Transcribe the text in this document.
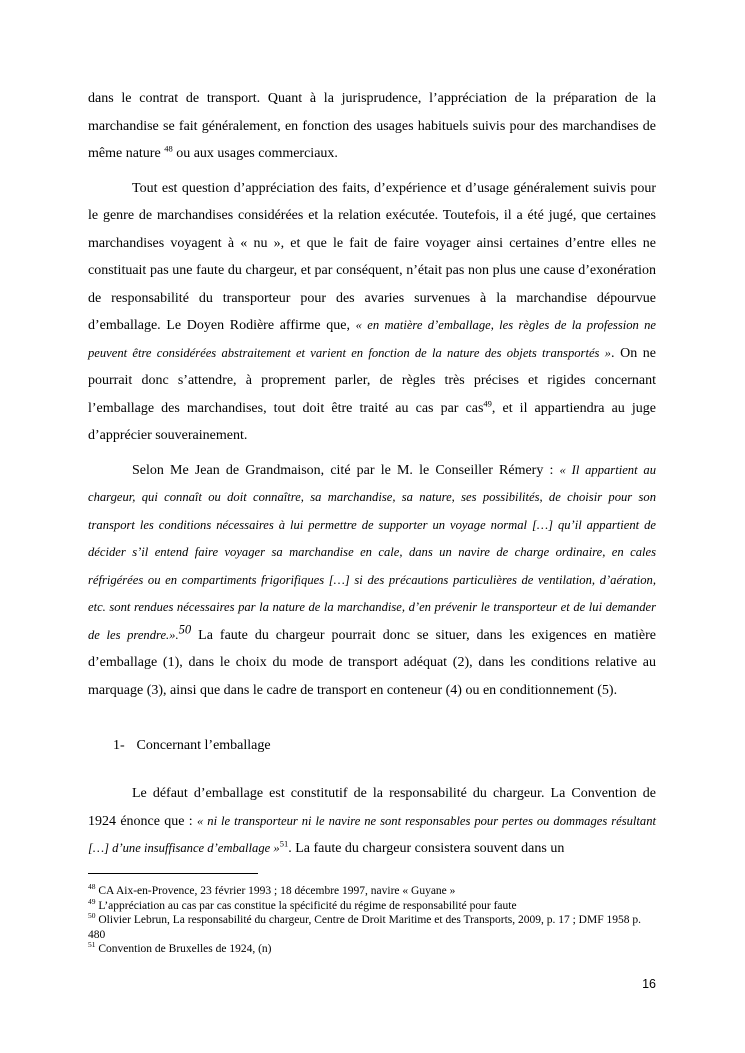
dans le contrat de transport. Quant à la jurisprudence, l’appréciation de la préparation de la marchandise se fait généralement, en fonction des usages habituels suivis pour des marchandises de même nature $^{48}$ ou aux usages commerciaux.

Tout est question d’appréciation des faits, d’expérience et d’usage généralement suivis pour le genre de marchandises considérées et la relation exécutée. Toutefois, il a été jugé, que certaines marchandises voyagent à « nu », et que le fait de faire voyager ainsi certaines d’entre elles ne constituait pas une faute du chargeur, et par conséquent, n’était pas non plus une cause d’exonération de responsabilité du transporteur pour des avaries survenues à la marchandise dépourvue d’emballage. Le Doyen Rodière affirme que, « en matière d’emballage, les règles de la profession ne peuvent être considérées abstraitement et varient en fonction de la nature des objets transportés ». On ne pourrait donc s’attendre, à proprement parler, de règles très précises et rigides concernant l’emballage des marchandises, tout doit être traité au cas par cas$^{49}$, et il appartiendra au juge d’apprécier souverainement.

Selon Me Jean de Grandmaison, cité par le M. le Conseiller Rémery : « Il appartient au chargeur, qui connaît ou doit connaître, sa marchandise, sa nature, ses possibilités, de choisir pour son transport les conditions nécessaires à lui permettre de supporter un voyage normal […] qu’il appartient de décider s’il entend faire voyager sa marchandise en cale, dans un navire de charge ordinaire, en cales réfrigérées ou en compartiments frigorifiques […] si des précautions particulières de ventilation, d’aération, etc. sont rendues nécessaires par la nature de la marchandise, d’en prévenir le transporteur et de lui demander de les prendre.».$^{50}$ La faute du chargeur pourrait donc se situer, dans les exigences en matière d’emballage (1), dans le choix du mode de transport adéquat (2), dans les conditions relative au marquage (3), ainsi que dans le cadre de transport en conteneur (4) ou en conditionnement (5).

1- Concernant l’emballage

Le défaut d’emballage est constitutif de la responsabilité du chargeur. La Convention de 1924 énonce que : « ni le transporteur ni le navire ne sont responsables pour pertes ou dommages résultant […] d’une insuffisance d’emballage »$^{51}$. La faute du chargeur consistera souvent dans un

$^{48}$ CA Aix-en-Provence, 23 février 1993 ; 18 décembre 1997, navire « Guyane »

$^{49}$ L’appréciation au cas par cas constitue la spécificité du régime de responsabilité pour faute

$^{50}$ Olivier Lebrun, La responsabilité du chargeur, Centre de Droit Maritime et des Transports, 2009, p. 17 ; DMF 1958 p. 480

$^{51}$ Convention de Bruxelles de 1924, (n)

16
